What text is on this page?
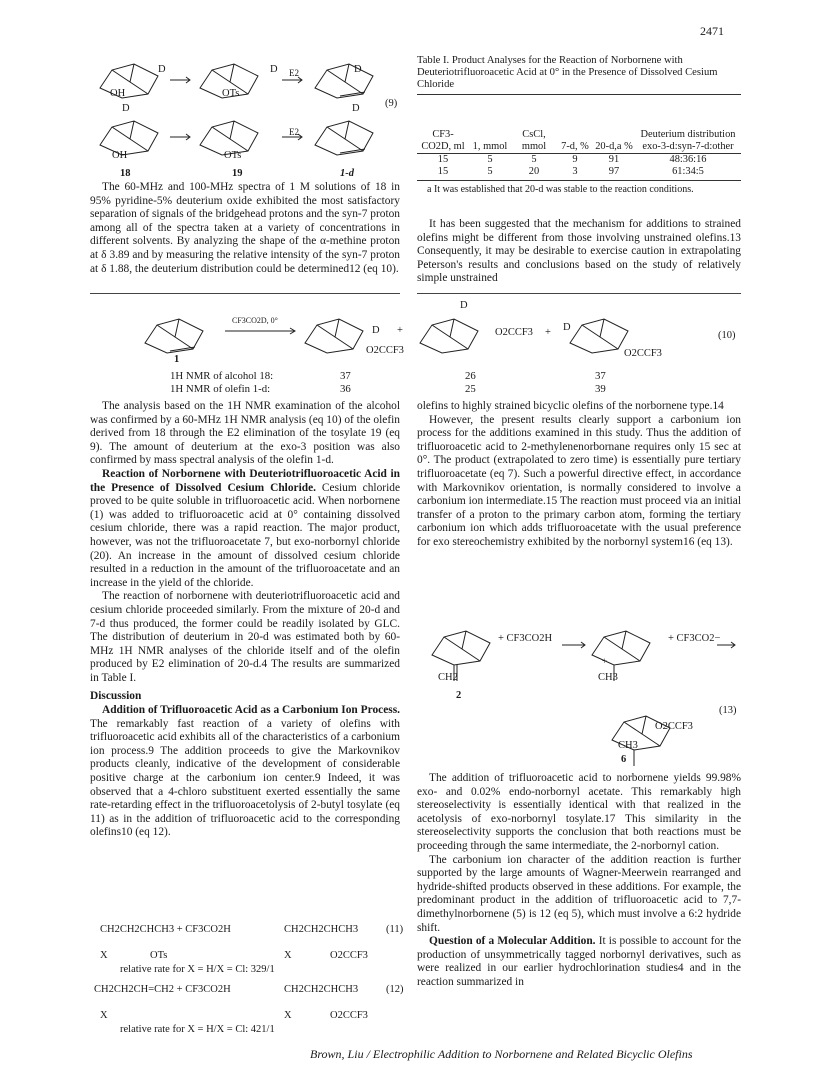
2471
D
OH
D
OTs
E2	D
D
OH	OTs
E2
D (9)
18	19	1-d

The 60-MHz and 100-MHz spectra of 1 M solutions of 18 in 95% pyridine-5% deuterium oxide exhibited the most satisfactory separation of signals of the bridgehead protons and the syn-7 proton among all of the spectra taken at a variety of concentrations in different solvents. By analyzing the shape of the α-methine proton at δ 3.89 and by measuring the relative intensity of the syn-7 proton at δ 1.88, the deuterium distribution could be determined12 (eq 10).

Table I. Product Analyses for the Reaction of Norbornene with Deuteriotrifluoroacetic Acid at 0° in the Presence of Dissolved Cesium Chloride
CF3-CO2D, ml	1, mmol	CsCl, mmol	7-d, %	20-d,a %	Deuterium distribution exo-3-d:syn-7-d:other
15	5	5	9	91	48:36:16
15	5	20	3	97	61:34:5
a It was established that 20-d was stable to the reaction conditions.

It has been suggested that the mechanism for additions to strained olefins might be different from those involving unstrained olefins.13 Consequently, it may be desirable to exercise caution in extrapolating Peterson's results and conclusions based on the study of relatively simple unstrained

CF3CO2D, 0°
1
D
O2CCF3
+
D
O2CCF3 + D
O2CCF3
(10)
1H NMR of alcohol 18:	37	26	37
1H NMR of olefin 1-d:	36	25	39

The analysis based on the 1H NMR examination of the alcohol was confirmed by a 60-MHz 1H NMR analysis (eq 10) of the olefin derived from 18 through the E2 elimination of the tosylate 19 (eq 9). The amount of deuterium at the exo-3 position was also confirmed by mass spectral analysis of the olefin 1-d.

Reaction of Norbornene with Deuteriotrifluoroacetic Acid in the Presence of Dissolved Cesium Chloride. Cesium chloride proved to be quite soluble in trifluoroacetic acid. When norbornene (1) was added to trifluoroacetic acid at 0° containing dissolved cesium chloride, there was a rapid reaction. The major product, however, was not the trifluoroacetate 7, but exo-norbornyl chloride (20). An increase in the amount of dissolved cesium chloride resulted in a reduction in the amount of the trifluoroacetate and an increase in the yield of the chloride.

The reaction of norbornene with deuteriotrifluoroacetic acid and cesium chloride proceeded similarly. From the mixture of 20-d and 7-d thus produced, the former could be readily isolated by GLC. The distribution of deuterium in 20-d was estimated both by 60-MHz 1H NMR analyses of the chloride itself and of the olefin produced by E2 elimination of 20-d.4 The results are summarized in Table I.

Discussion

Addition of Trifluoroacetic Acid as a Carbonium Ion Process. The remarkably fast reaction of a variety of olefins with trifluoroacetic acid exhibits all of the characteristics of a carbonium ion process.9 The addition proceeds to give the Markovnikov products cleanly, indicative of the development of considerable positive charge at the carbonium ion center.9 Indeed, it was observed that a 4-chloro substituent exerted essentially the same rate-retarding effect in the trifluoroacetolysis of 2-butyl tosylate (eq 11) as in the addition of trifluoroacetic acid to the corresponding olefins10 (eq 12).

CH2CH2CHCH3 + CF3CO2H	CH2CH2CHCH3	(11)
X	OTs	X	O2CCF3
relative rate for X = H/X = Cl: 329/1
CH2CH2CH=CH2 + CF3CO2H	CH2CH2CHCH3	(12)
X	X	O2CCF3
relative rate for X = H/X = Cl: 421/1

olefins to highly strained bicyclic olefins of the norbornene type.14

However, the present results clearly support a carbonium ion process for the additions examined in this study. Thus the addition of trifluoroacetic acid to 2-methylenenorbornane requires only 15 sec at 0°. The product (extrapolated to zero time) is essentially pure tertiary trifluoroacetate (eq 7). Such a powerful directive effect, in accordance with Markovnikov orientation, is normally considered to involve a carbonium ion intermediate.15 The reaction must proceed via an initial transfer of a proton to the primary carbon atom, forming the tertiary carbonium ion which adds trifluoroacetate with the usual preference for exo stereochemistry exhibited by the norbornyl system16 (eq 13).

+ CF3CO2H	+ CF3CO2−
CH2
+
CH3
O2CCF3
CH3
(13)
2
6

The addition of trifluoroacetic acid to norbornene yields 99.98% exo- and 0.02% endo-norbornyl acetate. This remarkably high stereoselectivity is essentially identical with that realized in the acetolysis of exo-norbornyl tosylate.17 This similarity in the stereoselectivity supports the conclusion that both reactions must be proceeding through the same intermediate, the 2-norbornyl cation.

The carbonium ion character of the addition reaction is further supported by the large amounts of Wagner-Meerwein rearranged and hydride-shifted products observed in these additions. For example, the predominant product in the addition of trifluoroacetic acid to 7,7-dimethylnorbornene (5) is 12 (eq 5), which must involve a 6:2 hydride shift.

Question of a Molecular Addition. It is possible to account for the production of unsymmetrically tagged norbornyl derivatives, such as were realized in our earlier hydrochlorination studies4 and in the reaction summarized in

Brown, Liu / Electrophilic Addition to Norbornene and Related Bicyclic Olefins
